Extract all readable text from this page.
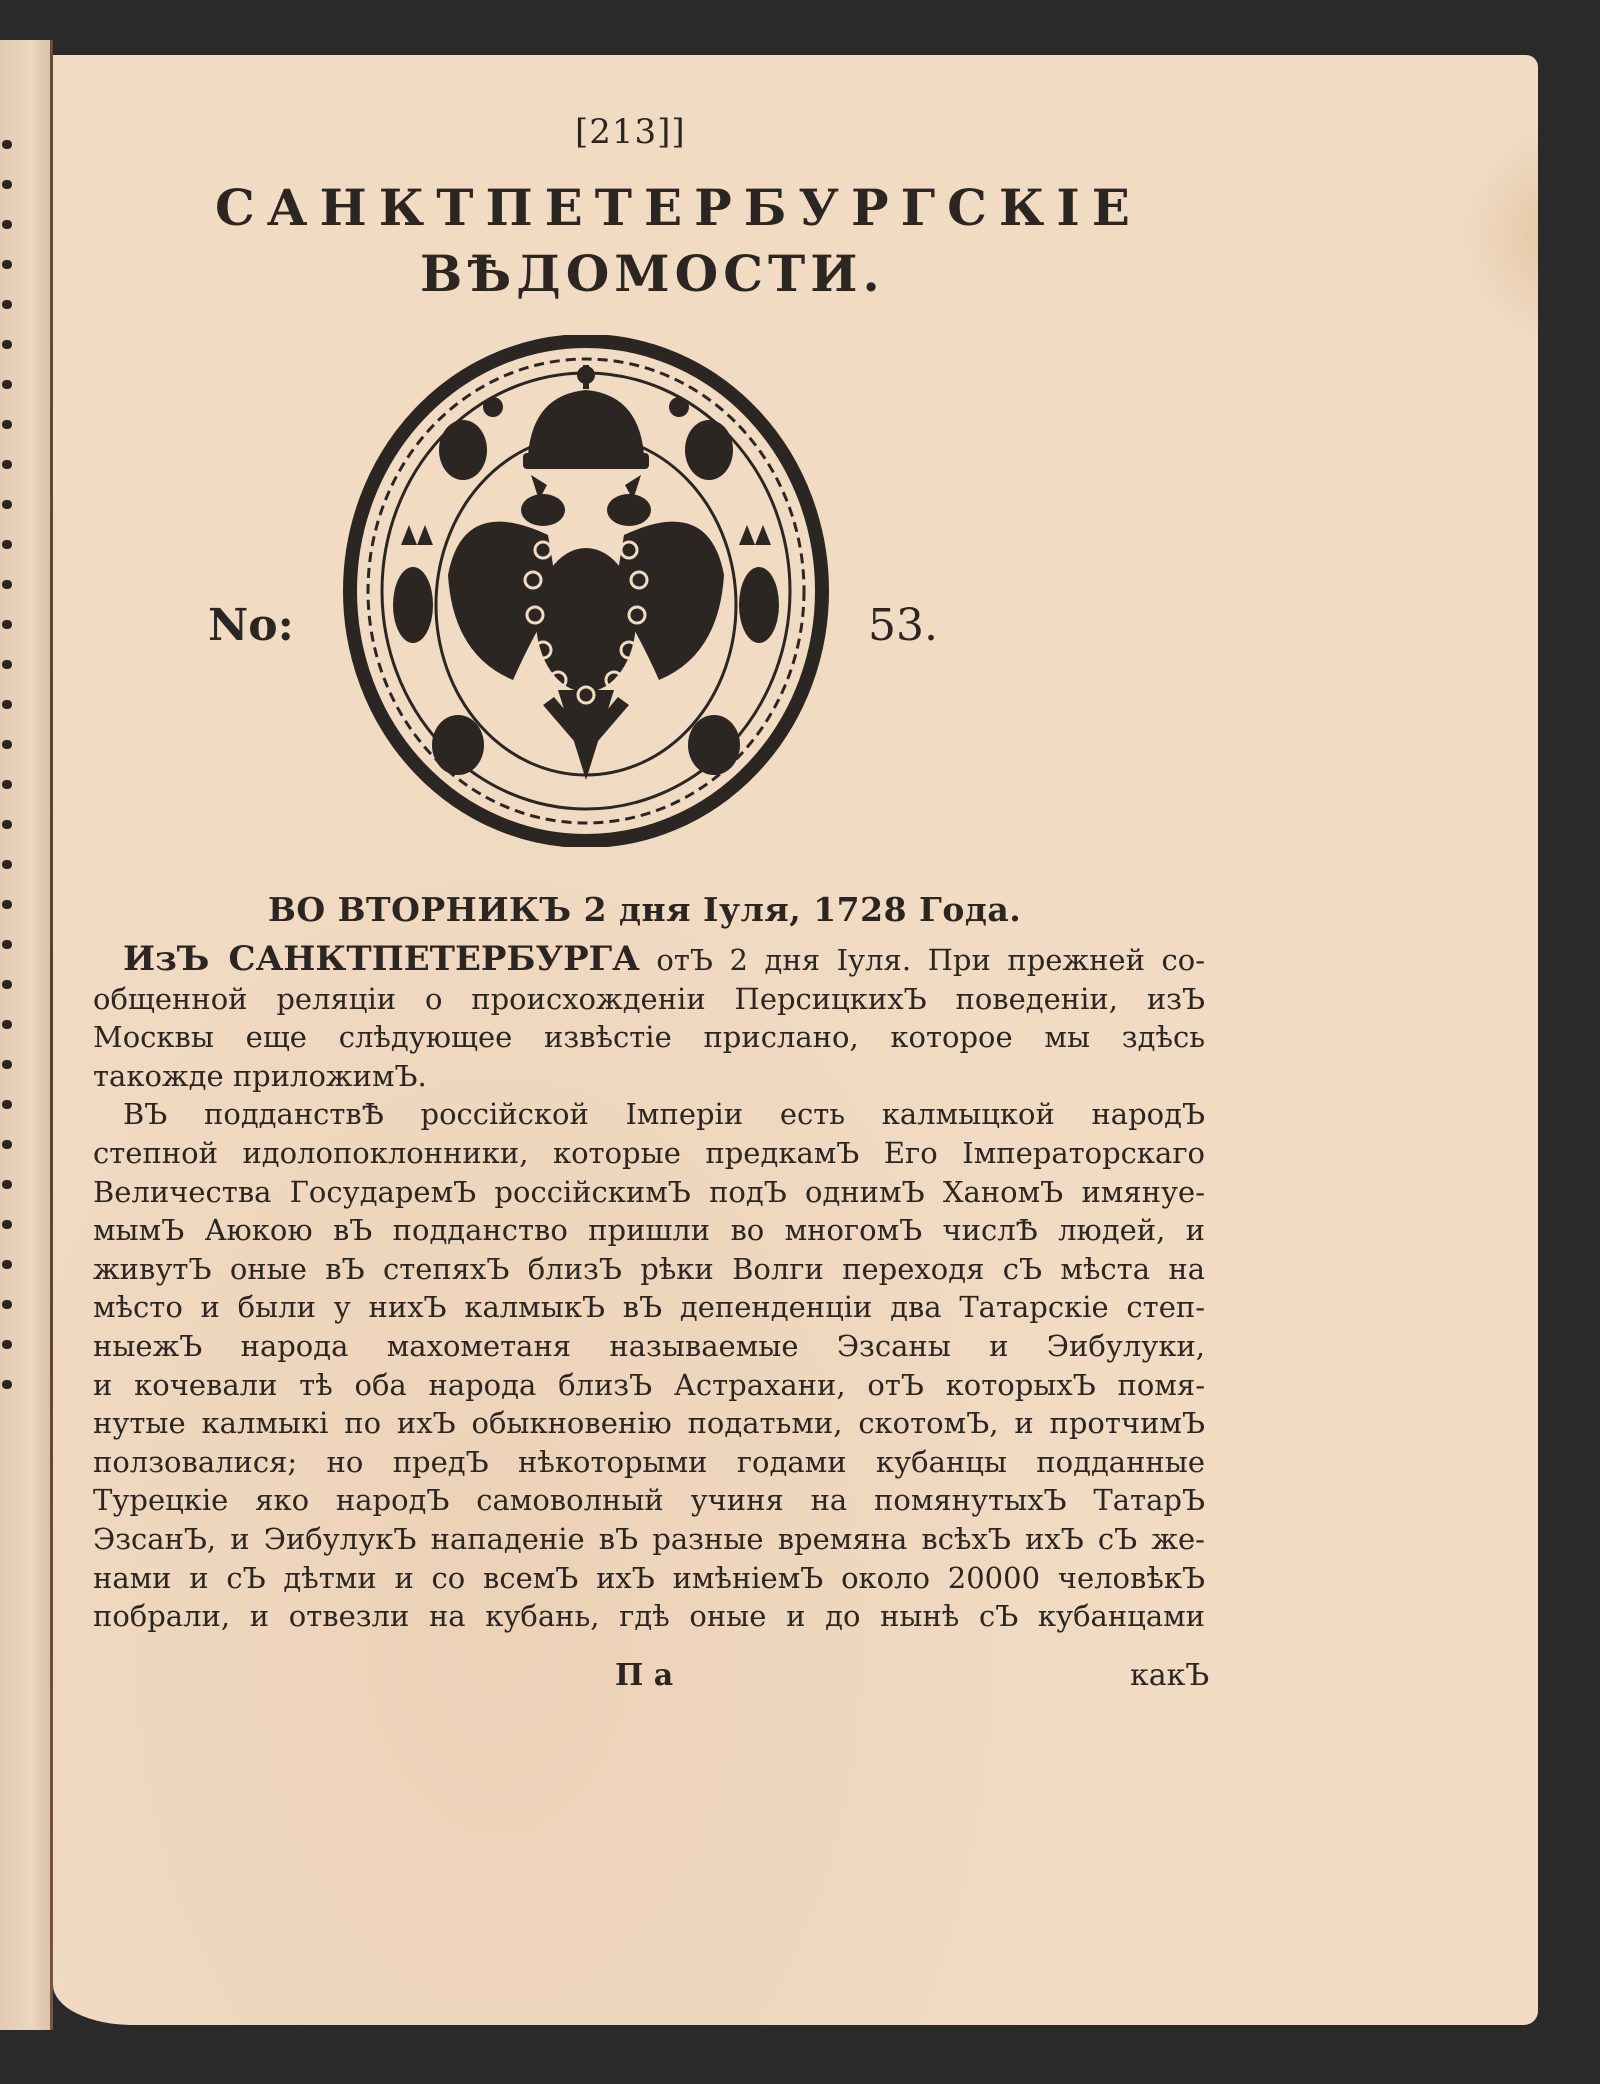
[213]]
САНКТПЕТЕРБУРГСКІЕ
ВѢДОМОСТИ.
No:	53.
ВО ВТОРНИКЪ 2 дня Іуля, 1728 Года.
ИзЪ САНКТПЕТЕРБУРГА отЪ 2 дня Іуля. При прежней со-
общенной реляціи о происхожденіи ПерсицкихЪ поведеніи, изЪ
Москвы еще слѣдующее извѣстіе прислано, которое мы здѣсь
такожде приложимЪ.
ВЪ подданствѢ россійской Імперіи есть калмыцкой народЪ
степной идолопоклонники, которые предкамЪ Его Імператорскаго
Величества ГосударемЪ россійскимЪ подЪ однимЪ ХаномЪ имянуе-
мымЪ Аюкою вЪ подданство пришли во многомЪ числѢ людей, и
живутЪ оные вЪ степяхЪ близЪ рѣки Волги переходя сЪ мѣста на
мѣсто и были у нихЪ калмыкЪ вЪ депенденціи два Татарскіе степ-
ныежЪ народа махометаня называемые Эзсаны и Эибулуки,
и кочевали тѣ оба народа близЪ Астрахани, отЪ которыхЪ помя-
нутые калмыкі по ихЪ обыкновенію податьми, скотомЪ, и протчимЪ
ползовалися; но предЪ нѣкоторыми годами кубанцы подданные
Турецкіе яко народЪ самоволный учиня на помянутыхЪ ТатарЪ
ЭзсанЪ, и ЭибулукЪ нападеніе вЪ разные времяна всѣхЪ ихЪ сЪ же-
нами и сЪ дѣтми и со всемЪ ихЪ имѣніемЪ около 20000 человѣкЪ
побрали, и отвезли на кубань, гдѣ оные и до нынѣ сЪ кубанцами
П а	какЪ
